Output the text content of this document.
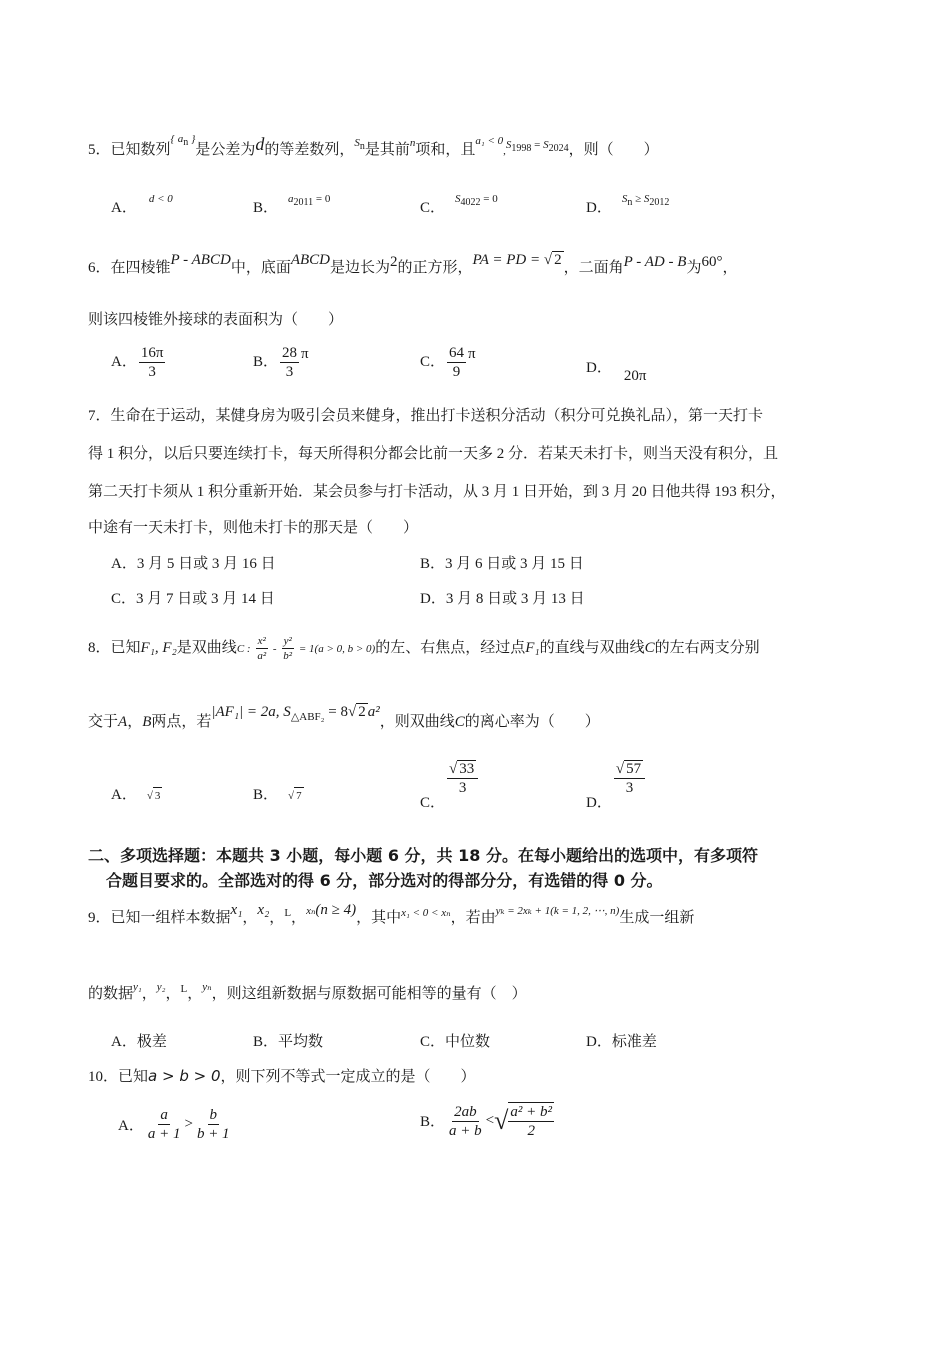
5．已知数列$^{\{ a_n \}}$是公差为d的等差数列，$^{S_n}$是其前$^n$项和，且$^{a_1 < 0}$,$^{S_{1998} = S_{2024}}$，则（　　）
A．$^{d < 0}$
B．$^{a_{2011} = 0}$
C．$^{S_{4022} = 0}$
D．$^{S_n \ge S_{2012}}$
6．在四棱锥P - ABCD中，底面ABCD是边长为2的正方形，PA = PD = √ 2 ，二面角P - AD - B为60°，
则该四棱锥外接球的表面积为（　　）
A． $\frac{16\pi}{3}$	B． $\frac{28}{3}$ π	C． $\frac{64}{9}$ π
D． 20π
7．生命在于运动，某健身房为吸引会员来健身，推出打卡送积分活动（积分可兑换礼品），第一天打卡
得 1 积分，以后只要连续打卡，每天所得积分都会比前一天多 2 分．若某天未打卡，则当天没有积分，且
第二天打卡须从 1 积分重新开始．某会员参与打卡活动，从 3 月 1 日开始，到 3 月 20 日他共得 193 积分，
中途有一天未打卡，则他未打卡的那天是（　　）
A．3 月 5 日或 3 月 16 日	B．3 月 6 日或 3 月 15 日
C．3 月 7 日或 3 月 14 日	D．3 月 8 日或 3 月 13 日
8．已知F₁, F₂是双曲线C : $\frac{\text{x²}}{\text{a²}} - \frac{\text{y²}}{\text{b²}} = 1(a > 0$, b > 0)的左、右焦点，经过点F₁的直线与双曲线C的左右两支分别
交于A，B两点，若|AF₁| = 2a, $S_{\triangle ABF_2} = 8√$ 2 a²，则双曲线C的离心率为（　　）
A． √ 3	B． √ 7	C．
$\frac{√ 33}{3}$
D．
$\frac{√ 57}{3}$
二、多项选择题：本题共 3 小题，每小题 6 分，共 18 分。在每小题给出的选项中，有多项符
合题目要求的。全部选对的得 6 分，部分选对的得部分分，有选错的得 0 分。
9．已知一组样本数据x₁，x₂，$^L$，$^{x_n}$(n ≥ 4)，其中$^{x_1 < 0 < x_n}$，若由$^{y_k = 2x_k + 1(k = 1, 2, \cdots, n)}$生成一组新
的数据$^{y_1}$，$^{y_2}$，$^L$，$^{y_n}$，则这组新数据与原数据可能相等的量有（　）
A．极差	B．平均数	C．中位数	D．标准差
10．已知a > b > 0，则下列不等式一定成立的是（　　）
A． $\frac{a}{a + 1} > \frac{b}{b + 1}$	B． $\frac{2ab}{a + b}$ <√ $\frac{\text{a² + b²}}{2}$
